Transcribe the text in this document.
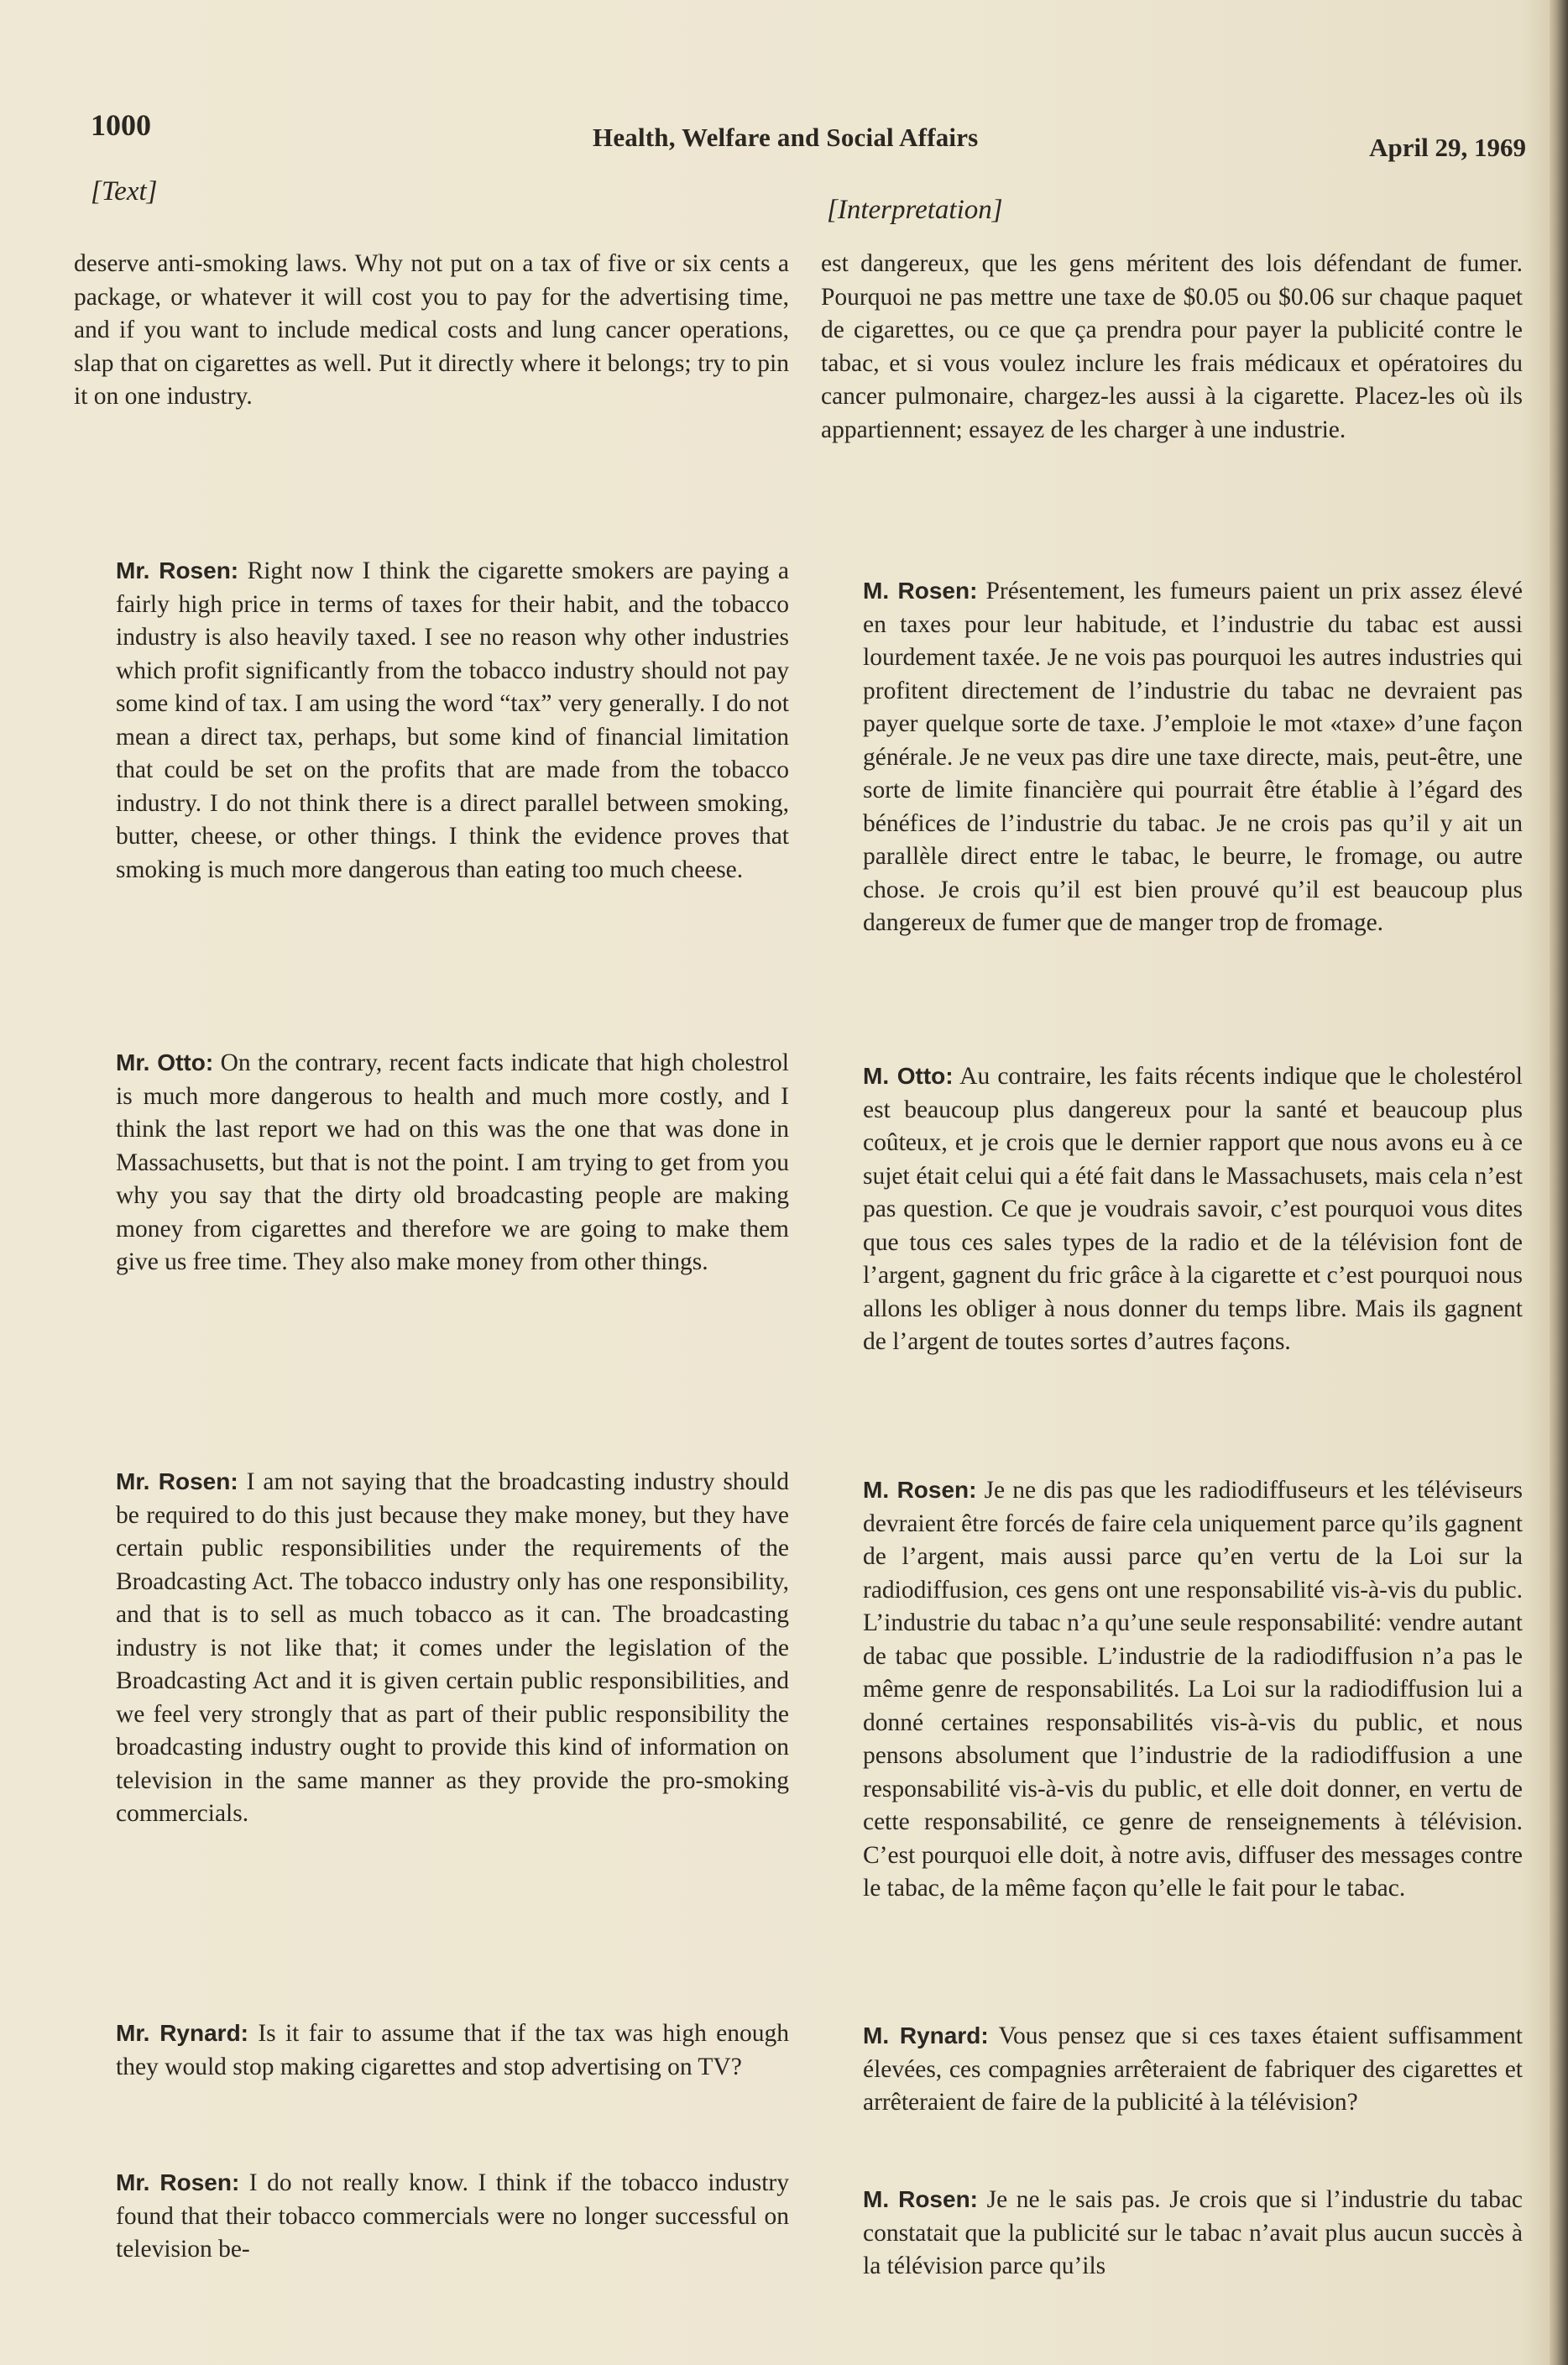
1000	Health, Welfare and Social Affairs	April 29, 1969
[Text]
[Interpretation]

deserve anti-smoking laws. Why not put on a tax of five or six cents a package, or whatever it will cost you to pay for the advertising time, and if you want to include medical costs and lung cancer operations, slap that on cigarettes as well. Put it directly where it belongs; try to pin it on one industry.

Mr. Rosen: Right now I think the cigarette smokers are paying a fairly high price in terms of taxes for their habit, and the tobacco industry is also heavily taxed. I see no reason why other industries which profit significantly from the tobacco industry should not pay some kind of tax. I am using the word “tax” very generally. I do not mean a direct tax, perhaps, but some kind of financial limitation that could be set on the profits that are made from the tobacco industry. I do not think there is a direct parallel between smoking, butter, cheese, or other things. I think the evidence proves that smoking is much more dangerous than eating too much cheese.

Mr. Otto: On the contrary, recent facts indicate that high cholestrol is much more dangerous to health and much more costly, and I think the last report we had on this was the one that was done in Massachusetts, but that is not the point. I am trying to get from you why you say that the dirty old broadcasting people are making money from cigarettes and therefore we are going to make them give us free time. They also make money from other things.

Mr. Rosen: I am not saying that the broadcasting industry should be required to do this just because they make money, but they have certain public responsibilities under the requirements of the Broadcasting Act. The tobacco industry only has one responsibility, and that is to sell as much tobacco as it can. The broadcasting industry is not like that; it comes under the legislation of the Broadcasting Act and it is given certain public responsibilities, and we feel very strongly that as part of their public responsibility the broadcasting industry ought to provide this kind of information on television in the same manner as they provide the pro-smoking commercials.

Mr. Rynard: Is it fair to assume that if the tax was high enough they would stop making cigarettes and stop advertising on TV?

Mr. Rosen: I do not really know. I think if the tobacco industry found that their tobacco commercials were no longer successful on television be-

est dangereux, que les gens méritent des lois défendant de fumer. Pourquoi ne pas mettre une taxe de $0.05 ou $0.06 sur chaque paquet de cigarettes, ou ce que ça prendra pour payer la publicité contre le tabac, et si vous voulez inclure les frais médicaux et opératoires du cancer pulmonaire, chargez-les aussi à la cigarette. Placez-les où ils appartiennent; essayez de les charger à une industrie.

M. Rosen: Présentement, les fumeurs paient un prix assez élevé en taxes pour leur habitude, et l’industrie du tabac est aussi lourdement taxée. Je ne vois pas pourquoi les autres industries qui profitent directement de l’industrie du tabac ne devraient pas payer quelque sorte de taxe. J’emploie le mot «taxe» d’une façon générale. Je ne veux pas dire une taxe directe, mais, peut-être, une sorte de limite financière qui pourrait être établie à l’égard des bénéfices de l’industrie du tabac. Je ne crois pas qu’il y ait un parallèle direct entre le tabac, le beurre, le fromage, ou autre chose. Je crois qu’il est bien prouvé qu’il est beaucoup plus dangereux de fumer que de manger trop de fromage.

M. Otto: Au contraire, les faits récents indique que le cholestérol est beaucoup plus dangereux pour la santé et beaucoup plus coûteux, et je crois que le dernier rapport que nous avons eu à ce sujet était celui qui a été fait dans le Massachusets, mais cela n’est pas question. Ce que je voudrais savoir, c’est pourquoi vous dites que tous ces sales types de la radio et de la télévision font de l’argent, gagnent du fric grâce à la cigarette et c’est pourquoi nous allons les obliger à nous donner du temps libre. Mais ils gagnent de l’argent de toutes sortes d’autres façons.

M. Rosen: Je ne dis pas que les radiodiffuseurs et les téléviseurs devraient être forcés de faire cela uniquement parce qu’ils gagnent de l’argent, mais aussi parce qu’en vertu de la Loi sur la radiodiffusion, ces gens ont une responsabilité vis-à-vis du public. L’industrie du tabac n’a qu’une seule responsabilité: vendre autant de tabac que possible. L’industrie de la radiodiffusion n’a pas le même genre de responsabilités. La Loi sur la radiodiffusion lui a donné certaines responsabilités vis-à-vis du public, et nous pensons absolument que l’industrie de la radiodiffusion a une responsabilité vis-à-vis du public, et elle doit donner, en vertu de cette responsabilité, ce genre de renseignements à télévision. C’est pourquoi elle doit, à notre avis, diffuser des messages contre le tabac, de la même façon qu’elle le fait pour le tabac.

M. Rynard: Vous pensez que si ces taxes étaient suffisamment élevées, ces compagnies arrêteraient de fabriquer des cigarettes et arrêteraient de faire de la publicité à la télévision?

M. Rosen: Je ne le sais pas. Je crois que si l’industrie du tabac constatait que la publicité sur le tabac n’avait plus aucun succès à la télévision parce qu’ils
